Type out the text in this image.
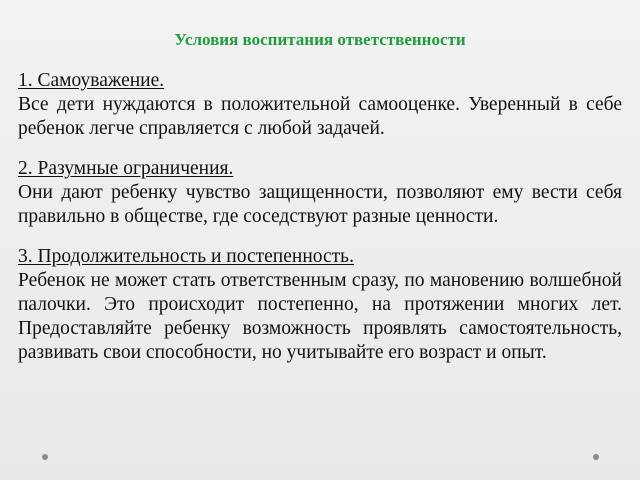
Условия воспитания ответственности

1. Самоуважение.

Все дети нуждаются в положительной самооценке. Уверенный в себе ребенок легче справляется с любой задачей.

2. Разумные ограничения.

Они дают ребенку чувство защищенности, позволяют ему вести себя правильно в обществе, где соседствуют разные ценности.

3. Продолжительность и постепенность.

Ребенок не может стать ответственным сразу, по мановению волшебной палочки. Это происходит постепенно, на протяжении многих лет. Предоставляйте ребенку возможность проявлять самостоятельность, развивать свои способности, но учитывайте его возраст и опыт.
